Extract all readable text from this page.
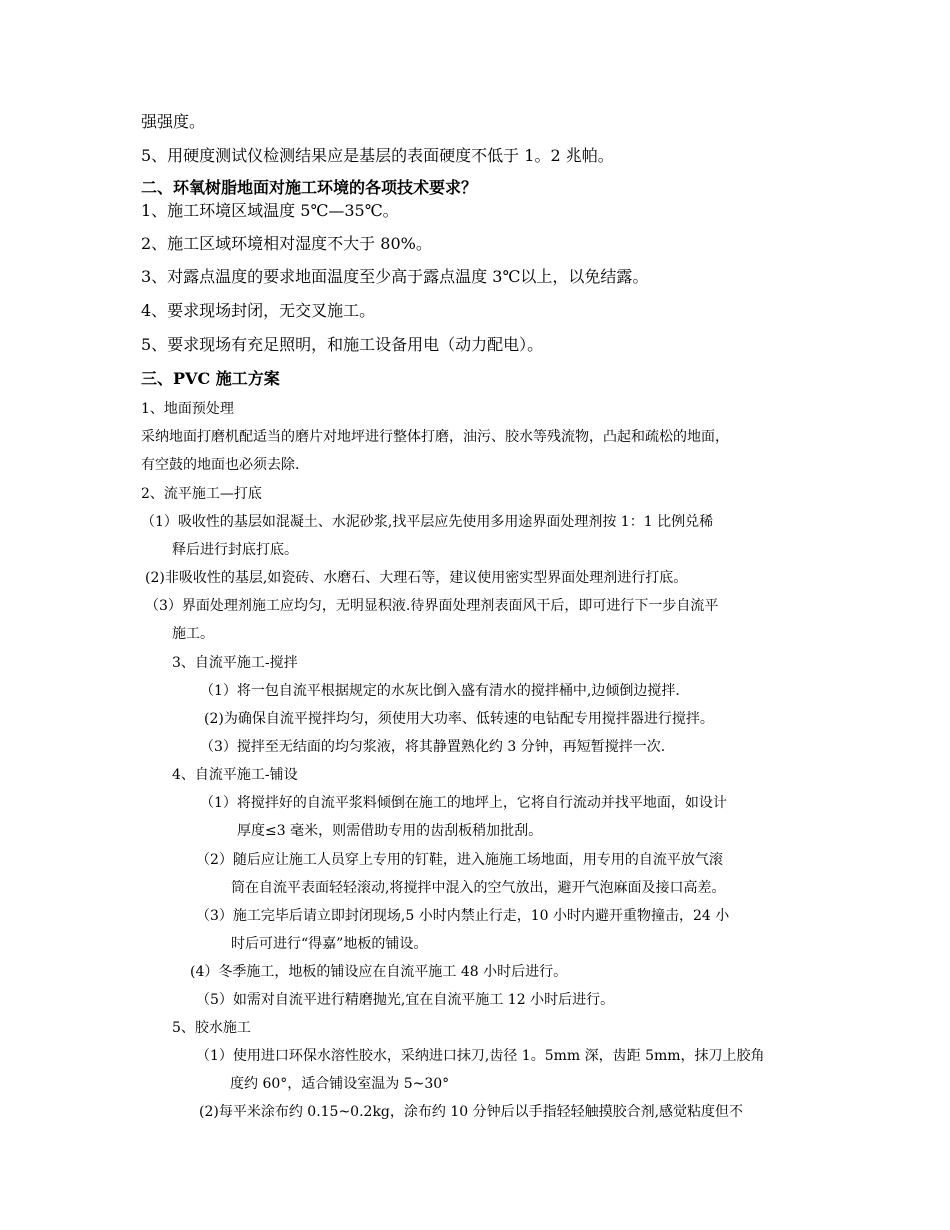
强强度。
5、用硬度测试仪检测结果应是基层的表面硬度不低于 1。2 兆帕。
二、环氧树脂地面对施工环境的各项技术要求？
1、施工环境区域温度 5℃—35℃。
2、施工区域环境相对湿度不大于 80%。
3、对露点温度的要求地面温度至少高于露点温度 3℃以上，以免结露。
4、要求现场封闭，无交叉施工。
5、要求现场有充足照明，和施工设备用电（动力配电）。
三、PVC 施工方案
1、地面预处理
采纳地面打磨机配适当的磨片对地坪进行整体打磨，油污、胶水等残流物，凸起和疏松的地面，
有空鼓的地面也必须去除.
2、流平施工—打底
（1）吸收性的基层如混凝土、水泥砂浆,找平层应先使用多用途界面处理剂按 1：1 比例兑稀
释后进行封底打底。
(2)非吸收性的基层,如瓷砖、水磨石、大理石等，建议使用密实型界面处理剂进行打底。
（3）界面处理剂施工应均匀，无明显积液.待界面处理剂表面风干后，即可进行下一步自流平
施工。
3、自流平施工-搅拌
（1）将一包自流平根据规定的水灰比倒入盛有清水的搅拌桶中,边倾倒边搅拌.
(2)为确保自流平搅拌均匀，须使用大功率、低转速的电钻配专用搅拌器进行搅拌。
（3）搅拌至无结面的均匀浆液，将其静置熟化约 3 分钟，再短暂搅拌一次.
4、自流平施工-铺设
（1）将搅拌好的自流平浆料倾倒在施工的地坪上，它将自行流动并找平地面，如设计
厚度≤3 毫米，则需借助专用的齿刮板稍加批刮。
（2）随后应让施工人员穿上专用的钉鞋，进入施施工场地面，用专用的自流平放气滚
筒在自流平表面轻轻滚动,将搅拌中混入的空气放出，避开气泡麻面及接口高差。
（3）施工完毕后请立即封闭现场,5 小时内禁止行走，10 小时内避开重物撞击，24 小
时后可进行“得嘉”地板的铺设。
(4）冬季施工，地板的铺设应在自流平施工 48 小时后进行。
（5）如需对自流平进行精磨抛光,宜在自流平施工 12 小时后进行。
5、胶水施工
（1）使用进口环保水溶性胶水，采纳进口抹刀,齿径 1。5mm 深，齿距 5mm，抹刀上胶角
度约 60°，适合铺设室温为 5~30°
(2)每平米涂布约 0.15~0.2kg，涂布约 10 分钟后以手指轻轻触摸胶合剂,感觉粘度但不
